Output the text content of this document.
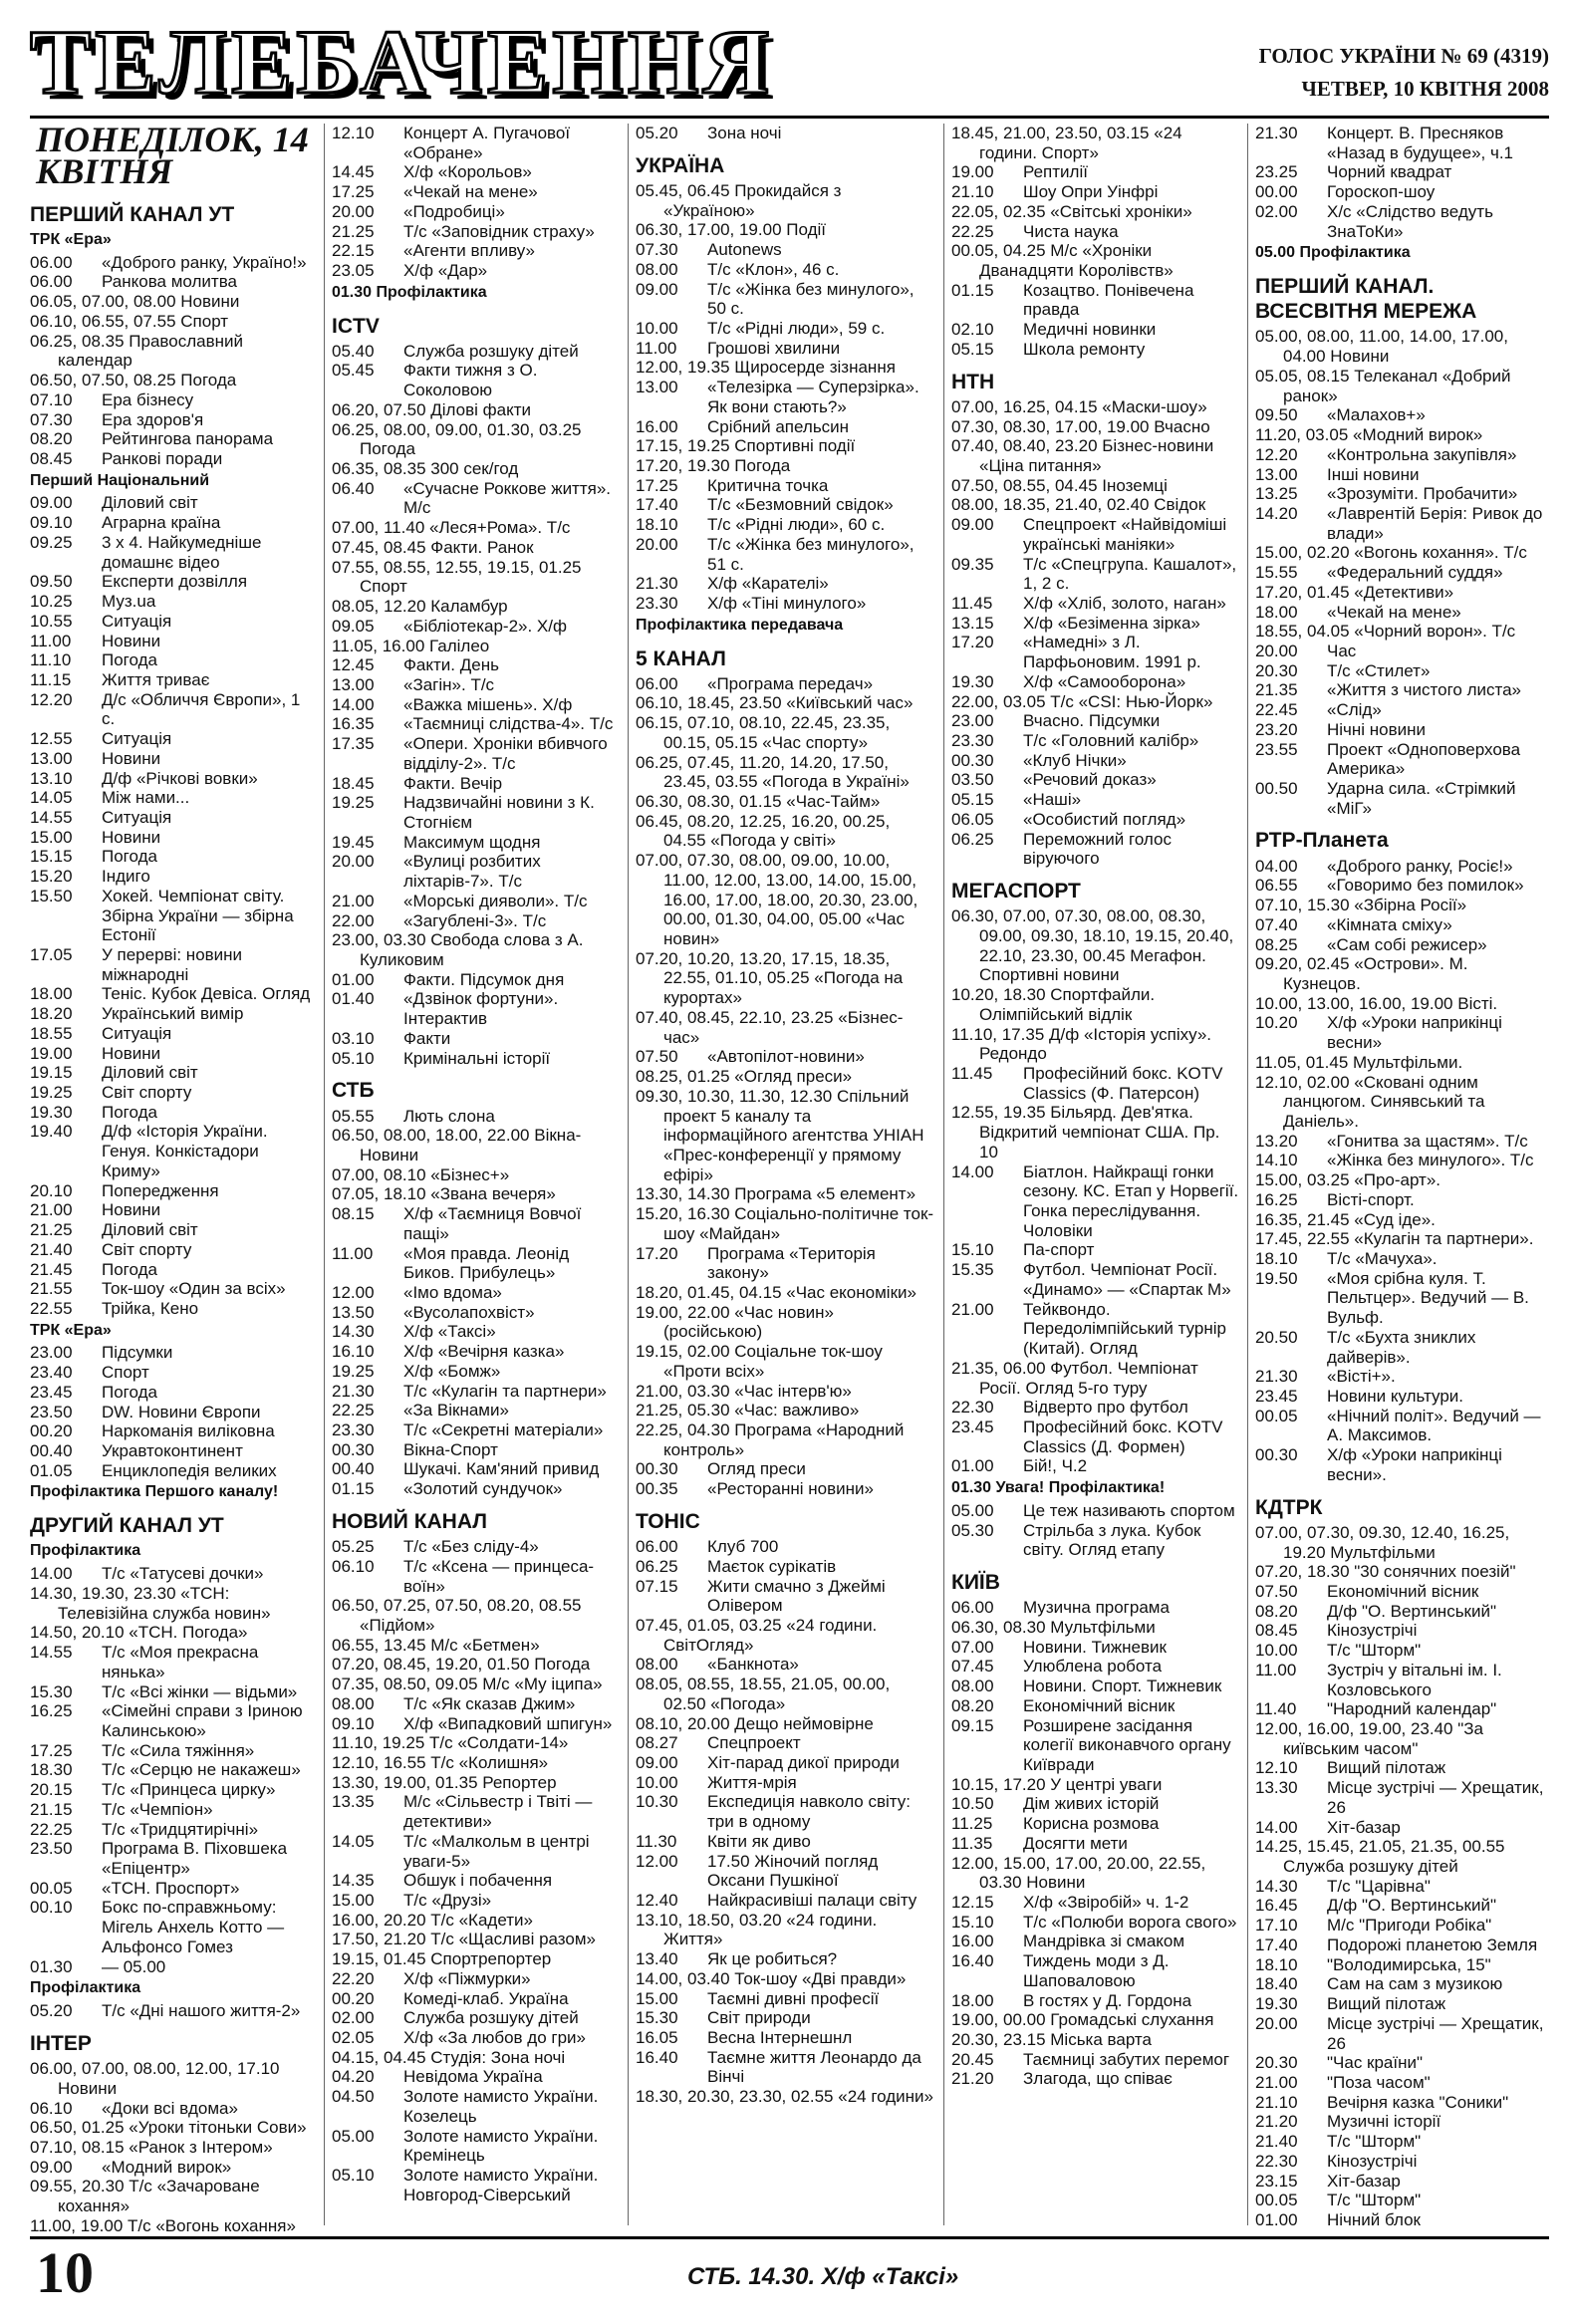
ТЕЛЕБАЧЕННЯ	ГОЛОС УКРАЇНИ № 69 (4319)
ЧЕТВЕР, 10 КВІТНЯ 2008
ПОНЕДІЛОК, 14 КВІТНЯ
ПЕРШИЙ КАНАЛ УТ
ТРК «Ера»
06.00	«Доброго ранку, Україно!»
06.00	Ранкова молитва
06.05, 07.00, 08.00 Новини
06.10, 06.55, 07.55 Спорт
06.25, 08.35 Православний календар
06.50, 07.50, 08.25 Погода
07.10	Ера бізнесу
07.30	Ера здоров'я
08.20	Рейтингова панорама
08.45	Ранкові поради
Перший Національний
09.00	Діловий світ
09.10	Аграрна країна
09.25	3 х 4. Найкумедніше домашнє відео
09.50	Експерти дозвілля
10.25	Муз.ua
10.55	Ситуація
11.00	Новини
11.10	Погода
11.15	Життя триває
12.20	Д/с «Обличчя Європи», 1 с.
12.55	Ситуація
13.00	Новини
13.10	Д/ф «Річкові вовки»
14.05	Між нами...
14.55	Ситуація
15.00	Новини
15.15	Погода
15.20	Індиго
15.50	Хокей. Чемпіонат світу. Збірна України — збірна Естонії
17.05	У перерві: новини міжнародні
18.00	Теніс. Кубок Девіса. Огляд
18.20	Український вимір
18.55	Ситуація
19.00	Новини
19.15	Діловий світ
19.25	Світ спорту
19.30	Погода
19.40	Д/ф «Історія України. Генуя. Конкістадори Криму»
20.10	Попередження
21.00	Новини
21.25	Діловий світ
21.40	Світ спорту
21.45	Погода
21.55	Ток-шоу «Один за всіх»
22.55	Трійка, Кено
ТРК «Ера»
23.00	Підсумки
23.40	Спорт
23.45	Погода
23.50	DW. Новини Європи
00.20	Наркоманія виліковна
00.40	Укравтоконтинент
01.05	Енциклопедія великих
Профілактика Першого каналу!
ДРУГИЙ КАНАЛ УТ
Профілактика
14.00	Т/с «Татусеві дочки»
14.30, 19.30, 23.30 «ТСН: Телевізійна служба новин»
14.50, 20.10 «ТСН. Погода»
14.55	Т/с «Моя прекрасна нянька»
15.30	Т/с «Всі жінки — відьми»
16.25	«Сімейні справи з Іриною Калинською»
17.25	Т/с «Сила тяжіння»
18.30	Т/с «Серцю не накажеш»
20.15	Т/с «Принцеса цирку»
21.15	Т/с «Чемпіон»
22.25	Т/с «Тридцятирічні»
23.50	Програма В. Піховшека «Епіцентр»
00.05	«ТСН. Проспорт»
00.10	Бокс по-справжньому: Мігель Анхель Котто — Альфонсо Гомез
01.30	— 05.00
Профілактика
05.20	Т/с «Дні нашого життя-2»
ІНТЕР
06.00, 07.00, 08.00, 12.00, 17.10 Новини
06.10	«Доки всі вдома»
06.50, 01.25 «Уроки тітоньки Сови»
07.10, 08.15 «Ранок з Інтером»
09.00	«Модний вирок»
09.55, 20.30 Т/с «Зачароване кохання»
11.00, 19.00 Т/с «Вогонь кохання»
12.10	Концерт А. Пугачової «Обране»
14.45	Х/ф «Корольов»
17.25	«Чекай на мене»
20.00	«Подробиці»
21.25	Т/с «Заповідник страху»
22.15	«Агенти впливу»
23.05	Х/ф «Дар»
01.30 Профілактика
ICTV
05.40	Служба розшуку дітей
05.45	Факти тижня з О. Соколовою
06.20, 07.50 Ділові факти
06.25, 08.00, 09.00, 01.30, 03.25 Погода
06.35, 08.35 300 сек/год
06.40	«Сучасне Роккове життя». М/с
07.00, 11.40 «Леся+Рома». Т/с
07.45, 08.45 Факти. Ранок
07.55, 08.55, 12.55, 19.15, 01.25 Спорт
08.05, 12.20 Каламбур
09.05	«Бібліотекар-2». Х/ф
11.05, 16.00 Галілео
12.45	Факти. День
13.00	«Загін». Т/с
14.00	«Важка мішень». Х/ф
16.35	«Таємниці слідства-4». Т/с
17.35	«Опери. Хроніки вбивчого відділу-2». Т/с
18.45	Факти. Вечір
19.25	Надзвичайні новини з К. Стогнієм
19.45	Максимум щодня
20.00	«Вулиці розбитих ліхтарів-7». Т/с
21.00	«Морські дияволи». Т/с
22.00	«Загублені-3». Т/с
23.00, 03.30 Свобода слова з А. Куликовим
01.00	Факти. Підсумок дня
01.40	«Дзвінок фортуни». Інтерактив
03.10	Факти
05.10	Кримінальні історії
СТБ
05.55	Лють слона
06.50, 08.00, 18.00, 22.00 Вікна-Новини
07.00, 08.10 «Бізнес+»
07.05, 18.10 «Звана вечеря»
08.15	Х/ф «Таємниця Вовчої пащі»
11.00	«Моя правда. Леонід Биков. Прибулець»
12.00	«Імо вдома»
13.50	«Вусолапохвіст»
14.30	Х/ф «Таксі»
16.10	Х/ф «Вечірня казка»
19.25	Х/ф «Бомж»
21.30	Т/с «Кулагін та партнери»
22.25	«За Вікнами»
23.30	Т/с «Секретні матеріали»
00.30	Вікна-Спорт
00.40	Шукачі. Кам'яний привид
01.15	«Золотий сундучок»
НОВИЙ КАНАЛ
05.25	Т/с «Без сліду-4»
06.10	Т/с «Ксена — принцеса-воїн»
06.50, 07.25, 07.50, 08.20, 08.55 «Підйом»
06.55, 13.45 М/с «Бетмен»
07.20, 08.45, 19.20, 01.50 Погода
07.35, 08.50, 09.05 М/с «Му іципа»
08.00	Т/с «Як сказав Джим»
09.10	Х/ф «Випадковий шпигун»
11.10, 19.25 Т/с «Солдати-14»
12.10, 16.55 Т/с «Колишня»
13.30, 19.00, 01.35 Репортер
13.35	М/с «Сільвестр і Твіті — детективи»
14.05	Т/с «Малкольм в центрі уваги-5»
14.35	Обшук і побачення
15.00	Т/с «Друзі»
16.00, 20.20 Т/с «Кадети»
17.50, 21.20 Т/с «Щасливі разом»
19.15, 01.45 Спортрепортер
22.20	Х/ф «Піжмурки»
00.20	Комеді-клаб. Україна
02.00	Служба розшуку дітей
02.05	Х/ф «За любов до гри»
04.15, 04.45 Студія: Зона ночі
04.20	Невідома Україна
04.50	Золоте намисто України. Козелець
05.00	Золоте намисто України. Кремінець
05.10	Золоте намисто України. Новгород-Сіверський
05.20	Зона ночі
УКРАЇНА
05.45, 06.45 Прокидайся з «Україною»
06.30, 17.00, 19.00 Події
07.30	Autonews
08.00	Т/с «Клон», 46 с.
09.00	Т/с «Жінка без минулого», 50 с.
10.00	Т/с «Рідні люди», 59 с.
11.00	Грошові хвилини
12.00, 19.35 Щиросерде зізнання
13.00	«Телезірка — Суперзірка». Як вони стають?»
16.00	Срібний апельсин
17.15, 19.25 Спортивні події
17.20, 19.30 Погода
17.25	Критична точка
17.40	Т/с «Безмовний свідок»
18.10	Т/с «Рідні люди», 60 с.
20.00	Т/с «Жінка без минулого», 51 с.
21.30	Х/ф «Карателі»
23.30	Х/ф «Тіні минулого»
Профілактика передавача
5 КАНАЛ
06.00	«Програма передач»
06.10, 18.45, 23.50 «Київський час»
06.15, 07.10, 08.10, 22.45, 23.35, 00.15, 05.15 «Час спорту»
06.25, 07.45, 11.20, 14.20, 17.50, 23.45, 03.55 «Погода в Україні»
06.30, 08.30, 01.15 «Час-Тайм»
06.45, 08.20, 12.25, 16.20, 00.25, 04.55 «Погода у світі»
07.00, 07.30, 08.00, 09.00, 10.00, 11.00, 12.00, 13.00, 14.00, 15.00, 16.00, 17.00, 18.00, 20.30, 23.00, 00.00, 01.30, 04.00, 05.00 «Час новин»
07.20, 10.20, 13.20, 17.15, 18.35, 22.55, 01.10, 05.25 «Погода на курортах»
07.40, 08.45, 22.10, 23.25 «Бізнес-час»
07.50	«Автопілот-новини»
08.25, 01.25 «Огляд преси»
09.30, 10.30, 11.30, 12.30 Спільний проект 5 каналу та інформаційного агентства УНІАН «Прес-конференції у прямому ефірі»
13.30, 14.30 Програма «5 елемент»
15.20, 16.30 Соціально-політичне ток-шоу «Майдан»
17.20	Програма «Територія закону»
18.20, 01.45, 04.15 «Час економіки»
19.00, 22.00 «Час новин» (російською)
19.15, 02.00 Соціальне ток-шоу «Проти всіх»
21.00, 03.30 «Час інтерв'ю»
21.25, 05.30 «Час: важливо»
22.25, 04.30 Програма «Народний контроль»
00.30	Огляд преси
00.35	«Ресторанні новини»
ТОНІС
06.00	Клуб 700
06.25	Маєток сурікатів
07.15	Жити смачно з Джеймі Олівером
07.45, 01.05, 03.25 «24 години. СвітОгляд»
08.00	«Банкнота»
08.05, 08.55, 18.55, 21.05, 00.00, 02.50 «Погода»
08.10, 20.00 Дещо неймовірне
08.27	Спецпроект
09.00	Хіт-парад дикої природи
10.00	Життя-мрія
10.30	Експедиція навколо світу: три в одному
11.30	Квіти як диво
12.00	17.50 Жіночий погляд Оксани Пушкіної
12.40	Найкрасивіші палаци світу
13.10, 18.50, 03.20 «24 години. Життя»
13.40	Як це робиться?
14.00, 03.40 Ток-шоу «Дві правди»
15.00	Таємні дивні професії
15.30	Світ природи
16.05	Весна Інтернешнл
16.40	Таємне життя Леонардо да Вінчі
18.30, 20.30, 23.30, 02.55 «24 години»
18.45, 21.00, 23.50, 03.15 «24 години. Спорт»
19.00	Рептилії
21.10	Шоу Опри Уінфрі
22.05, 02.35 «Світські хроніки»
22.25	Чиста наука
00.05, 04.25 М/с «Хроніки Дванадцяти Королівств»
01.15	Козацтво. Понівечена правда
02.10	Медичні новинки
05.15	Школа ремонту
НТН
07.00, 16.25, 04.15 «Маски-шоу»
07.30, 08.30, 17.00, 19.00 Вчасно
07.40, 08.40, 23.20 Бізнес-новини «Ціна питання»
07.50, 08.55, 04.45 Іноземці
08.00, 18.35, 21.40, 02.40 Свідок
09.00	Спецпроект «Найвідоміші українські маніяки»
09.35	Т/с «Спецгрупа. Кашалот», 1, 2 с.
11.45	Х/ф «Хліб, золото, наган»
13.15	Х/ф «Безіменна зірка»
17.20	«Намедні» з Л. Парфьоновим. 1991 р.
19.30	Х/ф «Самооборона»
22.00, 03.05 Т/с «CSI: Нью-Йорк»
23.00	Вчасно. Підсумки
23.30	Т/с «Головний калібр»
00.30	«Клуб Нічки»
03.50	«Речовий доказ»
05.15	«Наші»
06.05	«Особистий погляд»
06.25	Переможний голос віруючого
МЕГАСПОРТ
06.30, 07.00, 07.30, 08.00, 08.30, 09.00, 09.30, 18.10, 19.15, 20.40, 22.10, 23.30, 00.45 Мегафон. Спортивні новини
10.20, 18.30 Спортфайли. Олімпійський відлік
11.10, 17.35 Д/ф «Історія успіху». Редондо
11.45	Професійний бокс. KOTV Classics (Ф. Патерсон)
12.55, 19.35 Більярд. Дев'ятка. Відкритий чемпіонат США. Пр. 10
14.00	Біатлон. Найкращі гонки сезону. КС. Етап у Норвегії. Гонка переслідування. Чоловіки
15.10	Па-спорт
15.35	Футбол. Чемпіонат Росії. «Динамо» — «Спартак М»
21.00	Тейквондо. Передолімпійський турнір (Китай). Огляд
21.35, 06.00 Футбол. Чемпіонат Росії. Огляд 5-го туру
22.30	Відверто про футбол
23.45	Професійний бокс. KOTV Classics (Д. Формен)
01.00	Бій!, Ч.2
01.30 Увага! Профілактика!
05.00	Це теж називають спортом
05.30	Стрільба з лука. Кубок світу. Огляд етапу
КИЇВ
06.00	Музична програма
06.30, 08.30 Мультфільми
07.00	Новини. Тижневик
07.45	Улюблена робота
08.00	Новини. Спорт. Тижневик
08.20	Економічний вісник
09.15	Розширене засідання колегії виконавчого органу Київради
10.15, 17.20 У центрі уваги
10.50	Дім живих історій
11.25	Корисна розмова
11.35	Досягти мети
12.00, 15.00, 17.00, 20.00, 22.55, 03.30 Новини
12.15	Х/ф «Звіробій» ч. 1-2
15.10	Т/с «Полюби ворога свого»
16.00	Мандрівка зі смаком
16.40	Тиждень моди з Д. Шаповаловою
18.00	В гостях у Д. Гордона
19.00, 00.00 Громадські слухання
20.30, 23.15 Міська варта
20.45	Таємниці забутих перемог
21.20	Злагода, що співає
21.30	Концерт. В. Пресняков «Назад в будущее», ч.1
23.25	Чорний квадрат
00.00	Гороскоп-шоу
02.00	Х/с «Слідство ведуть ЗнаТоКи»
05.00 Профілактика
ПЕРШИЙ КАНАЛ. ВСЕСВІТНЯ МЕРЕЖА
05.00, 08.00, 11.00, 14.00, 17.00, 04.00 Новини
05.05, 08.15 Телеканал «Добрий ранок»
09.50	«Малахов+»
11.20, 03.05 «Модний вирок»
12.20	«Контрольна закупівля»
13.00	Інші новини
13.25	«Зрозуміти. Пробачити»
14.20	«Лаврентій Берія: Ривок до влади»
15.00, 02.20 «Вогонь кохання». Т/с
15.55	«Федеральний суддя»
17.20, 01.45 «Детективи»
18.00	«Чекай на мене»
18.55, 04.05 «Чорний ворон». Т/с
20.00	Час
20.30	Т/с «Стилет»
21.35	«Життя з чистого листа»
22.45	«Слід»
23.20	Нічні новини
23.55	Проект «Одноповерхова Америка»
00.50	Ударна сила. «Стрімкий «МіГ»
РТР-Планета
04.00	«Доброго ранку, Росіє!»
06.55	«Говоримо без помилок»
07.10, 15.30 «Збірна Росії»
07.40	«Кімната сміху»
08.25	«Сам собі режисер»
09.20, 02.45 «Острови». М. Кузнецов.
10.00, 13.00, 16.00, 19.00 Вісті.
10.20	Х/ф «Уроки наприкінці весни»
11.05, 01.45 Мультфільми.
12.10, 02.00 «Сковані одним ланцюгом. Синявський та Даніель».
13.20	«Гонитва за щастям». Т/с
14.10	«Жінка без минулого». Т/с
15.00, 03.25 «Про-арт».
16.25	Вісті-спорт.
16.35, 21.45 «Суд іде».
17.45, 22.55 «Кулагін та партнери».
18.10	Т/с «Мачуха».
19.50	«Моя срібна куля. Т. Пельтцер». Ведучий — В. Вульф.
20.50	Т/с «Бухта зниклих дайверів».
21.30	«Вісті+».
23.45	Новини культури.
00.05	«Нічний політ». Ведучий — А. Максимов.
00.30	Х/ф «Уроки наприкінці весни».
КДТРК
07.00, 07.30, 09.30, 12.40, 16.25, 19.20 Мультфільми
07.20, 18.30 "30 сонячних поезій"
07.50	Економічний вісник
08.20	Д/ф "О. Вертинський"
08.45	Кінозустрічі
10.00	Т/с "Шторм"
11.00	Зустріч у вітальні ім. І. Козловського
11.40	"Народний календар"
12.00, 16.00, 19.00, 23.40 "За київським часом"
12.10	Вищий пілотаж
13.30	Місце зустрічі — Хрещатик, 26
14.00	Хіт-базар
14.25, 15.45, 21.05, 21.35, 00.55 Служба розшуку дітей
14.30	Т/с "Царівна"
16.45	Д/ф "О. Вертинський"
17.10	М/с "Пригоди Робіка"
17.40	Подорожі планетою Земля
18.10	"Володимирська, 15"
18.40	Сам на сам з музикою
19.30	Вищий пілотаж
20.00	Місце зустрічі — Хрещатик, 26
20.30	"Час країни"
21.00	"Поза часом"
21.10	Вечірня казка "Соники"
21.20	Музичні історії
21.40	Т/с "Шторм"
22.30	Кінозустрічі
23.15	Хіт-базар
00.05	Т/с "Шторм"
01.00	Нічний блок
10	СТБ. 14.30. Х/ф «Таксі»
